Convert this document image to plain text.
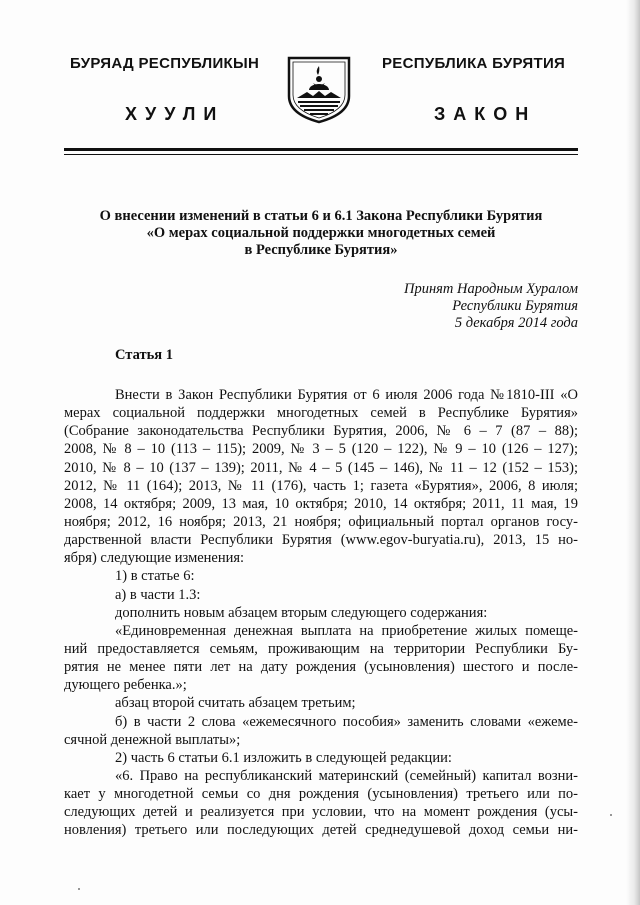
БУРЯАД РЕСПУБЛИКЫН
ХУУЛИ
РЕСПУБЛИКА БУРЯТИЯ
ЗАКОН
О внесении изменений в статьи 6 и 6.1 Закона Республики Бурятия
«О мерах социальной поддержки многодетных семей
в Республике Бурятия»
Принят Народным Хуралом
Республики Бурятия
5 декабря 2014 года
Статья 1
Внести в Закон Республики Бурятия от 6 июля 2006 года №1810-III «О
мерах социальной поддержки многодетных семей в Республике Бурятия»
(Собрание законодательства Республики Бурятия, 2006, № 6 – 7 (87 – 88);
2008, № 8 – 10 (113 – 115); 2009, № 3 – 5 (120 – 122), № 9 – 10 (126 – 127);
2010, № 8 – 10 (137 – 139); 2011, № 4 – 5 (145 – 146), № 11 – 12 (152 – 153);
2012, № 11 (164); 2013, № 11 (176), часть 1; газета «Бурятия», 2006, 8 июля;
2008, 14 октября; 2009, 13 мая, 10 октября; 2010, 14 октября; 2011, 11 мая, 19
ноября; 2012, 16 ноября; 2013, 21 ноября; официальный портал органов госу-
дарственной власти Республики Бурятия (www.egov-buryatia.ru), 2013, 15 но-
ября) следующие изменения:
1) в статье 6:
а) в части 1.3:
дополнить новым абзацем вторым следующего содержания:
«Единовременная денежная выплата на приобретение жилых помеще-
ний предоставляется семьям, проживающим на территории Республики Бу-
рятия не менее пяти лет на дату рождения (усыновления) шестого и после-
дующего ребенка.»;
абзац второй считать абзацем третьим;
б) в части 2 слова «ежемесячного пособия» заменить словами «ежеме-
сячной денежной выплаты»;
2) часть 6 статьи 6.1 изложить в следующей редакции:
«6. Право на республиканский материнский (семейный) капитал возни-
кает у многодетной семьи со дня рождения (усыновления) третьего или по-
следующих детей и реализуется при условии, что на момент рождения (усы-
новления) третьего или последующих детей среднедушевой доход семьи ни-
